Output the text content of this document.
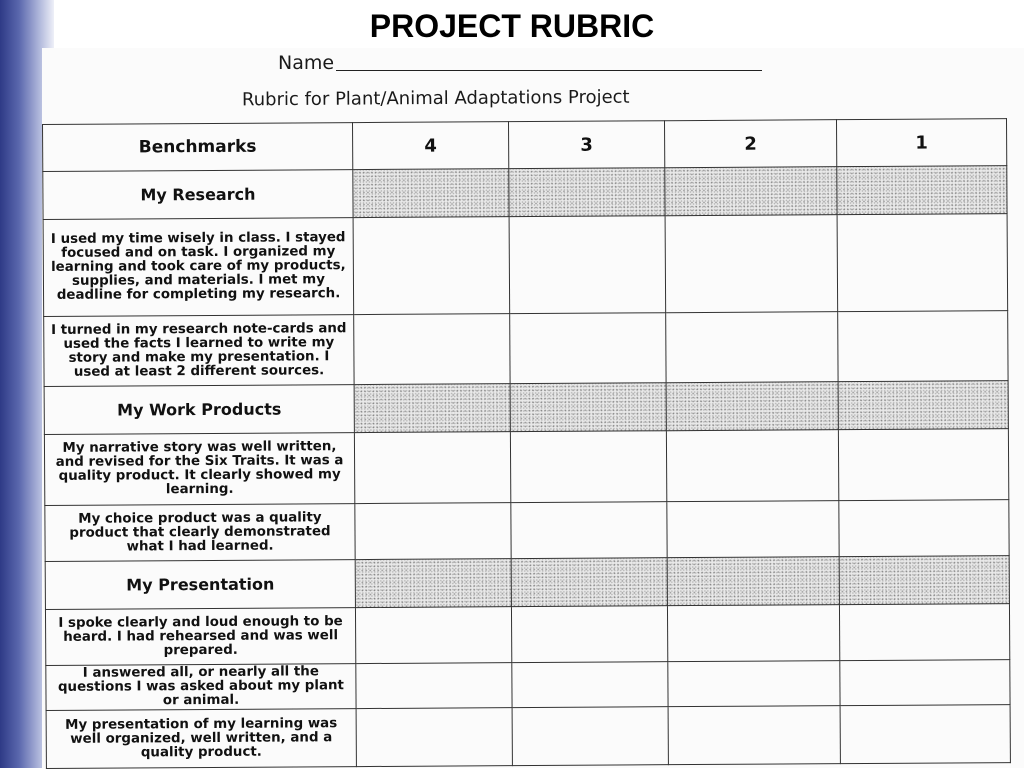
PROJECT RUBRIC
Name
Rubric for Plant/Animal Adaptations Project
Benchmarks	4	3	2	1
My Research				
I used my time wisely in class. I stayed focused and on task. I organized my learning and took care of my products, supplies, and materials. I met my deadline for completing my research.				
I turned in my research note-cards and used the facts I learned to write my story and make my presentation. I used at least 2 different sources.				
My Work Products				
My narrative story was well written, and revised for the Six Traits. It was a quality product. It clearly showed my learning.				
My choice product was a quality product that clearly demonstrated what I had learned.				
My Presentation				
I spoke clearly and loud enough to be heard. I had rehearsed and was well prepared.				
I answered all, or nearly all the questions I was asked about my plant or animal.				
My presentation of my learning was well organized, well written, and a quality product.				
